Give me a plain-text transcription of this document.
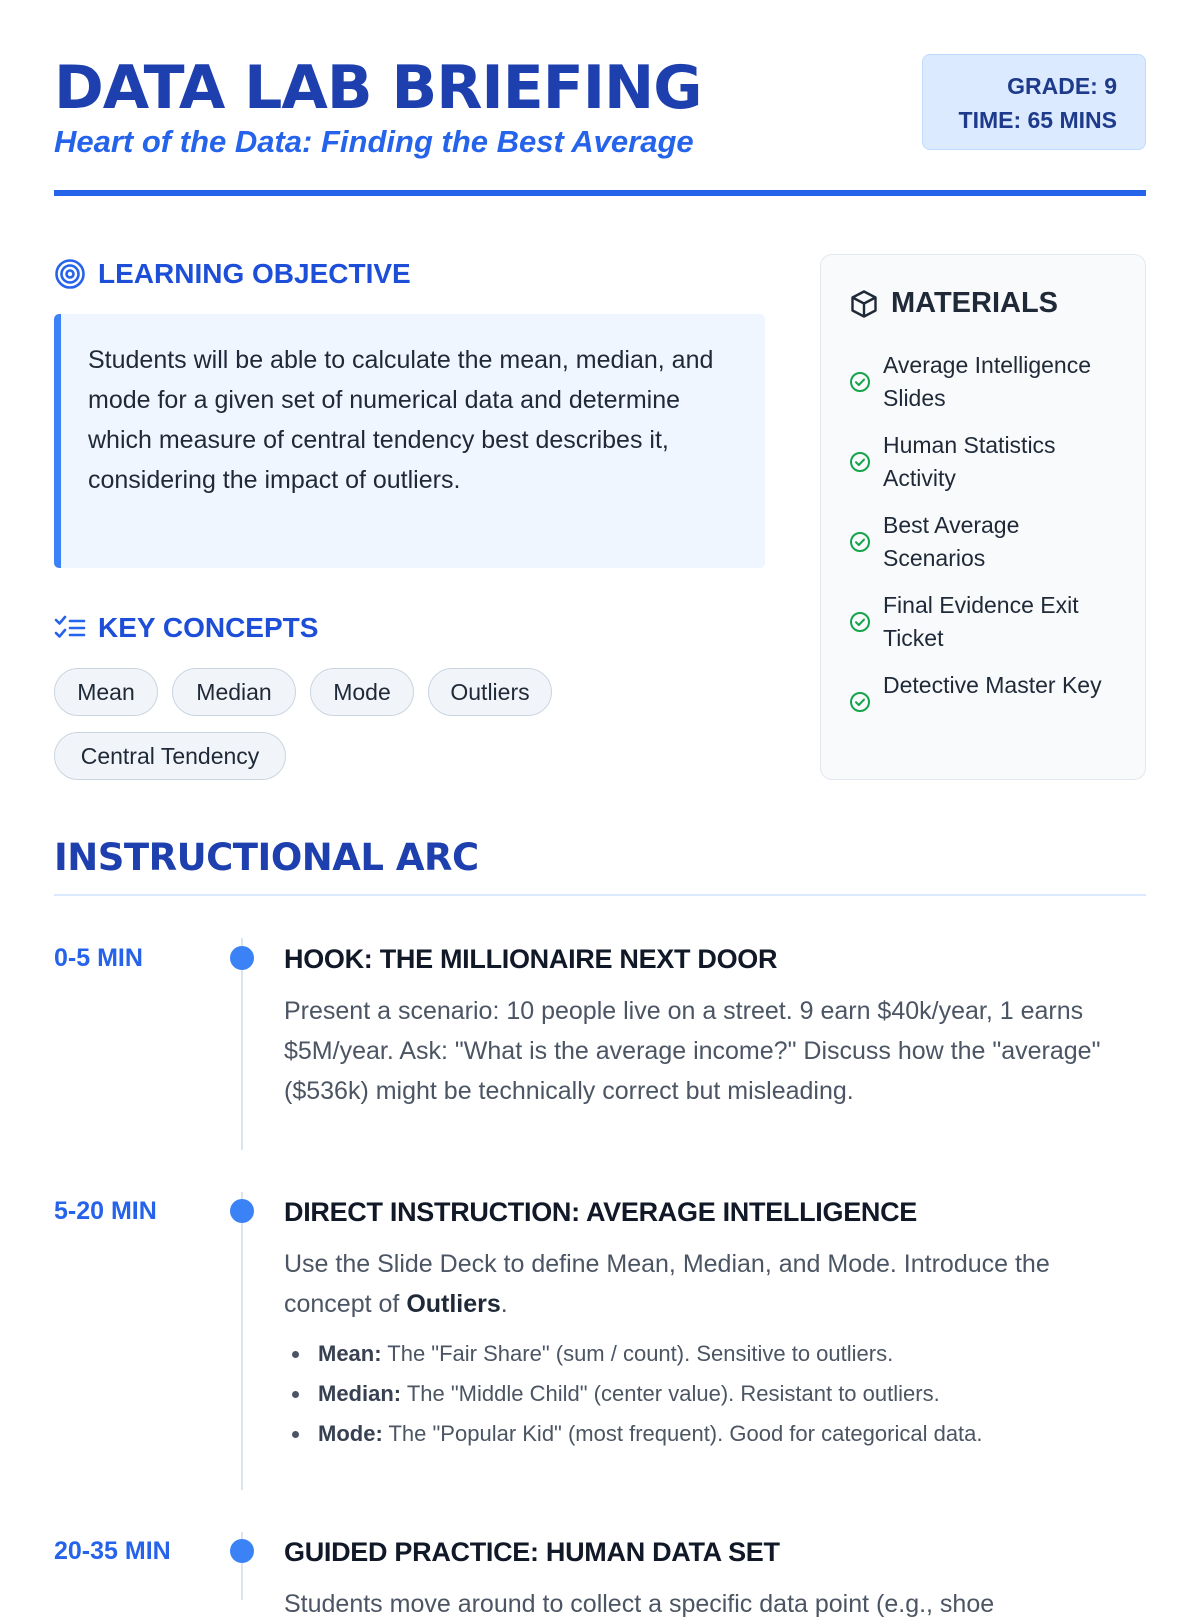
DATA LAB BRIEFING

Heart of the Data: Finding the Best Average

GRADE: 9
TIME: 65 MINS
LEARNING OBJECTIVE
Students will be able to calculate the mean, median, and mode for a given set of numerical data and determine which measure of central tendency best describes it, considering the impact of outliers.
KEY CONCEPTS
Mean	Median	Mode	Outliers
Central Tendency
MATERIALS
Average Intelligence Slides
Human Statistics Activity
Best Average Scenarios
Final Evidence Exit Ticket
Detective Master Key
INSTRUCTIONAL ARC
0-5 MIN	HOOK: THE MILLIONAIRE NEXT DOOR
Present a scenario: 10 people live on a street. 9 earn $40k/year, 1 earns $5M/year. Ask: "What is the average income?" Discuss how the "average" ($536k) might be technically correct but misleading.
5-20 MIN	DIRECT INSTRUCTION: AVERAGE INTELLIGENCE
Use the Slide Deck to define Mean, Median, and Mode. Introduce the concept of Outliers.
Mean: The "Fair Share" (sum / count). Sensitive to outliers.
Median: The "Middle Child" (center value). Resistant to outliers.
Mode: The "Popular Kid" (most frequent). Good for categorical data.
20-35 MIN	GUIDED PRACTICE: HUMAN DATA SET
Students move around to collect a specific data point (e.g., shoe
